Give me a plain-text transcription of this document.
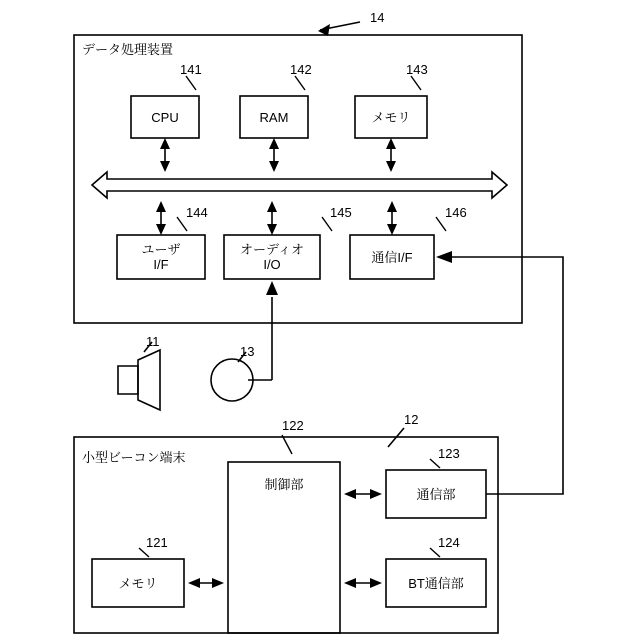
データ処理装置
小型ビーコン端末
14
12
11
13
141	142	143
144	145	146
122
123
124
121
CPU	RAM	メモリ
ユーザ
I/F
オーディオ
I/O	通信I/F
制御部
通信部
BT通信部
メモリ
